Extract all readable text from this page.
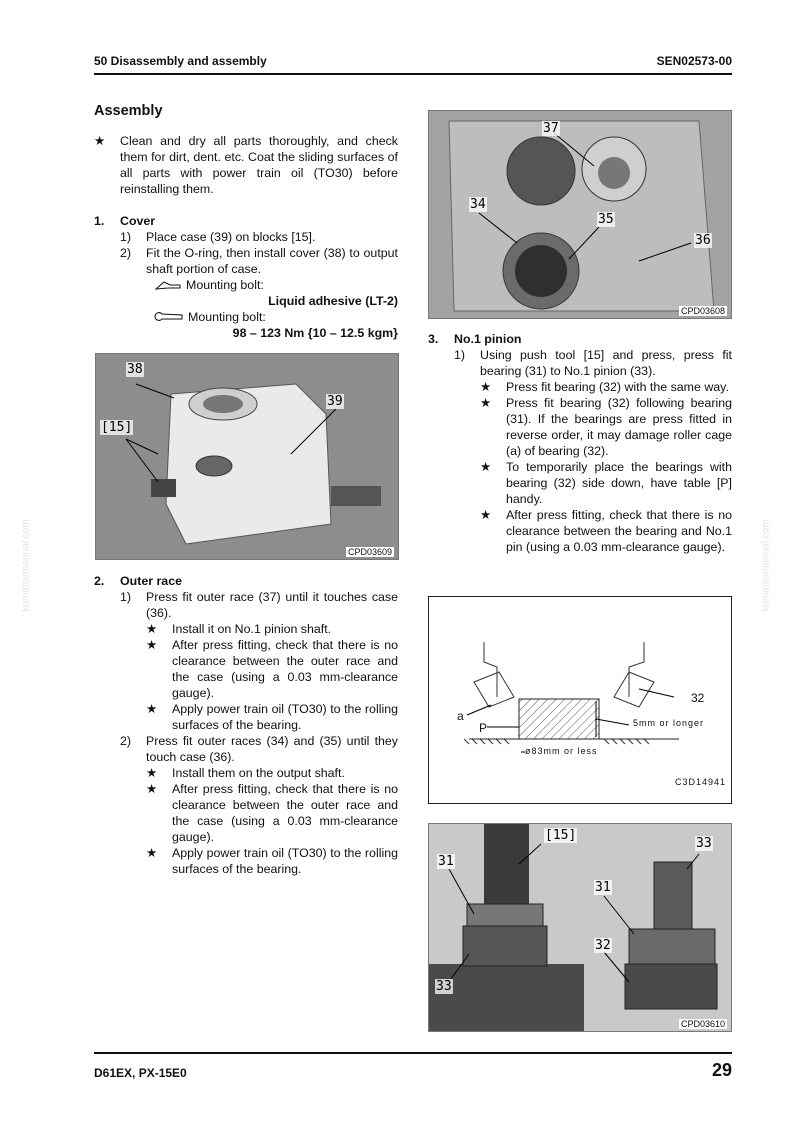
50 Disassembly and assembly	SEN02573-00
D61EX, PX-15E0	29
komatsumanual.com	komatsumanual.com
Assembly
★	Clean and dry all parts thoroughly, and check them for dirt, dent. etc. Coat the sliding surfaces of all parts with power train oil (TO30) before reinstalling them.
1.	Cover
1)	Place case (39) on blocks [15].
2)	Fit the O-ring, then install cover (38) to output shaft portion of case.
Mounting bolt:
Liquid adhesive (LT-2)
Mounting bolt:
98 – 123 Nm {10 – 12.5 kgm}
38
39
[15]
CPD03609
2.	Outer race
1)	Press fit outer race (37) until it touches case (36).
★	Install it on No.1 pinion shaft.
★	After press fitting, check that there is no clearance between the outer race and the case (using a 0.03 mm-clearance gauge).
★	Apply power train oil (TO30) to the rolling surfaces of the bearing.
2)	Press fit outer races (34) and (35) until they touch case (36).
★	Install them on the output shaft.
★	After press fitting, check that there is no clearance between the outer race and the case (using a 0.03 mm-clearance gauge).
★	Apply power train oil (TO30) to the rolling surfaces of the bearing.
37
34
35
36
CPD03608
3.	No.1 pinion
1)	Using push tool [15] and press, press fit bearing (31) to No.1 pinion (33).
★	Press fit bearing (32) with the same way.
★	Press fit bearing (32) following bearing (31). If the bearings are press fitted in reverse order, it may damage roller cage (a) of bearing (32).
★	To temporarily place the bearings with bearing (32) side down, have table [P] handy.
★	After press fitting, check that there is no clearance between the bearing and No.1 pin (using a 0.03 mm-clearance gauge).
a
P
32
5mm or longer
ø83mm or less
C3D14941
[15]
31
33
33
31
32
CPD03610
